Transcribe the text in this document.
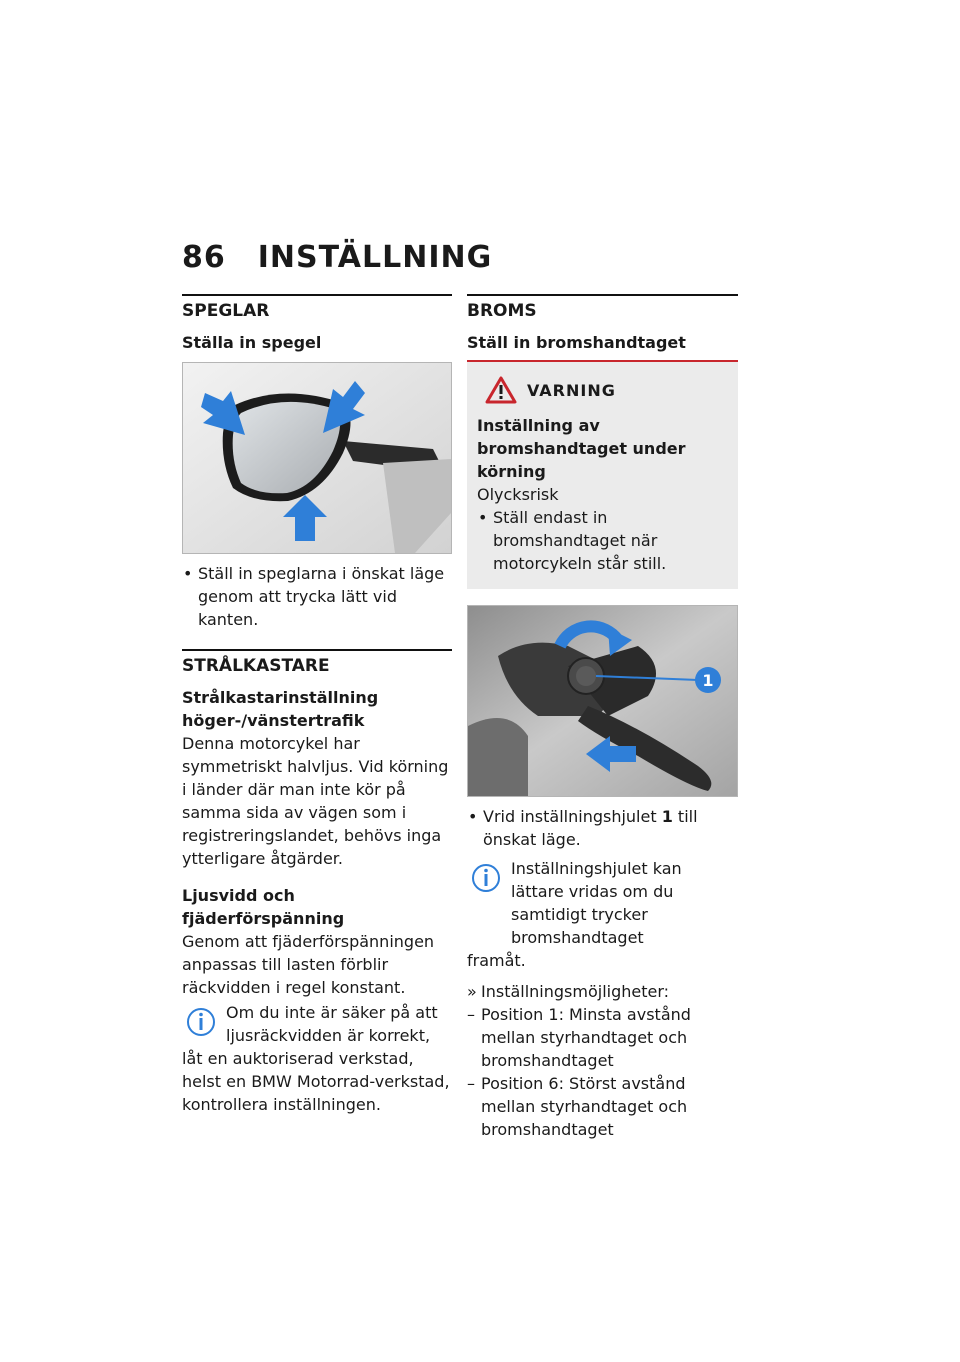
86 INSTÄLLNING
SPEGLAR
Ställa in spegel

• Ställ in speglarna i önskat läge genom att trycka lätt vid kanten.

STRÅLKASTARE

Strålkastarinställning höger-/vänstertrafik

Denna motorcykel har symmetriskt halvljus. Vid körning i länder där man inte kör på samma sida av vägen som i registreringslandet, behövs inga ytterligare åtgärder.

Ljusvidd och fjäderförspänning

Genom att fjäderförspänningen anpassas till lasten förblir räckvidden i regel konstant.

Om du inte är säker på att ljusräckvidden är korrekt,

låt en auktoriserad verkstad, helst en BMW Motorrad-verkstad, kontrollera inställningen.

BROMS
Ställ in bromshandtaget
VARNING
Inställning av bromshandtaget under körning
Olycksrisk

• Ställ endast in bromshandtaget när motorcykeln står still.

1

• Vrid inställningshjulet 1 till önskat läge.

Inställningshjulet kan lättare vridas om du samtidigt trycker bromshandtaget

framåt.

» Inställningsmöjligheter:

– Position 1: Minsta avstånd mellan styrhandtaget och bromshandtaget

– Position 6: Störst avstånd mellan styrhandtaget och bromshandtaget
